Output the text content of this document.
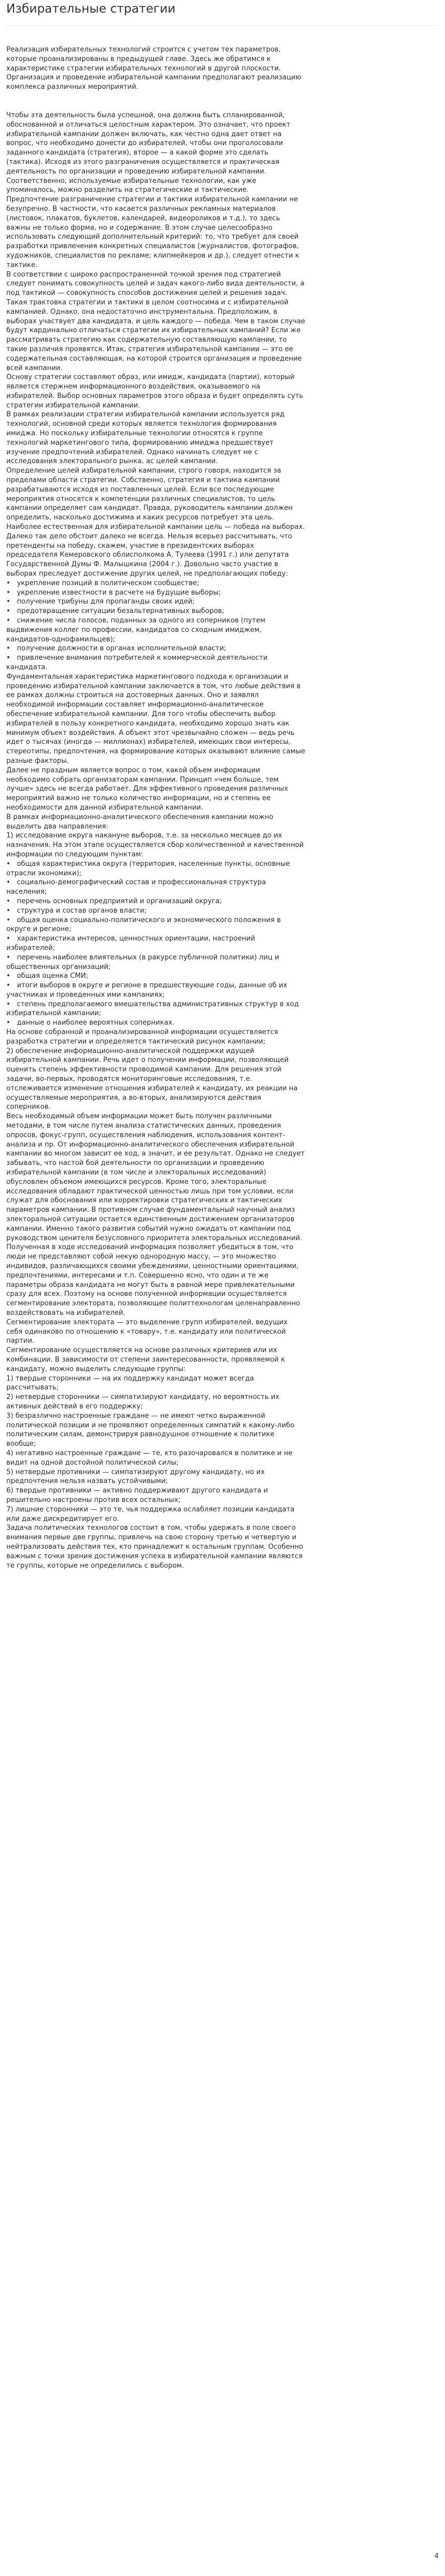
Избирательные стратегии

Реализация избирательных технологий строится с учетом тех параметров, которые проанализированы в предыдущей главе. Здесь же обратимся к характеристике стратегии избирательных технологий в другой плоскости. Организация и проведение избирательной кампании предполагают реализацию комплекса различных мероприятий.

Чтобы эта деятельность была успешной, она должна быть спланированной, обоснованной и отличаться целостным характером. Это означает, что проект избирательной кампании должен включать, как честно одна дает ответ на вопрос, что необходимо донести до избирателей, чтобы они проголосовали заданного кандидата (стратегия), второе — а какой форме это сделать (тактика). Исходя из этого разграничения осуществляется и практическая деятельность по организации и проведению избирательной кампании. Соответственно, используемые избирательные технологии, как уже упоминалось, можно разделить на стратегические и тактические.

Предпочтение разграничение стратегии и тактики избирательной кампании не безупречно. В частности, что касается различных рекламных материалов (листовок, плакатов, буклетов, календарей, видеороликов и т.д.), то здесь важны не только форма, но и содержание. В этом случае целесообразно использовать следующий дополнительный критерий: то, что требует для своей разработки привлечения конкретных специалистов (журналистов, фотографов, художников, специалистов по рекламе; клипмейкеров и др.), следует отнести к тактике.

В соответствии с широко распространенной точкой зрения под стратегией следует понимать совокупность целей и задач какого-либо вида деятельности, а под тактикой — совокупность способов достижения целей и решения задач. Такая трактовка стратегии и тактики в целом соотносима и с избирательной кампанией. Однако, она недостаточно инструментальна. Предположим, в выборах участвует два кандидата, и цель каждого — победа. Чем в таком случае будут кардинально отличаться стратегии их избирательных кампаний? Если же рассматривать стратегию как содержательную составляющую кампании, то такие различия проявятся. Итак, стратегия избирательной кампании — это ее содержательная составляющая, на которой строится организация и проведение всей кампании.

Основу стратегии составляют образ, или имидж, кандидата (партии), который является стержнем информационного воздействия, оказываемого на избирателей. Выбор основных параметров этого образа и будет определять суть стратегии избирательной кампании.

В рамках реализации стратегии избирательной кампании используется ряд технологий, основной среди которых является технология формирования имиджа. Но поскольку избирательные технологии относятся к группе технологий маркетингового типа, формированию имиджа предшествует изучение предпочтений избирателей. Однако начинать следует не с исследования электорального рынка, ас целей кампании.

Определение целей избирательной кампании, строго говоря, находится за пределами области стратегии. Собственно, стратегия и тактика кампании разрабатываются исходя из поставленных целей. Если все последующие мероприятия относятся к компетенции различных специалистов, то цель кампании определяет сам кандидат. Правда, руководитель кампании должен определить, насколько достижима и каких ресурсов потребует эта цель.

Наиболее естественная для избирательной кампании цель — победа на выборах. Далеко так дело обстоит далеко не всегда. Нельзя всерьез рассчитывать, что претенденты на победу, скажем, участие в президентских выборах председателя Кемеровского облисполкома А. Тулеева (1991 г.) или депутата Государственной Думы Ф. Малышкина (2004 г.). Довольно часто участие в выборах преследует достижение других целей, не предполагающих победу:

•   укрепление позиций в политическом сообществе;

•   укрепление известности в расчете на будущие выборы;

•   получение трибуны для пропаганды своих идей;

•   предотвращение ситуации безальтернативных выборов;

•   снижение числа голосов, поданных за одного из соперников (путем выдвижения коллег по профессии, кандидатов со сходным имиджем, кандидатов-однофамильцев);

•   получение должности в органах исполнительной власти;

•   привлечение внимания потребителей к коммерческой деятельности кандидата.

Фундаментальная характеристика маркетингового подхода к организации и проведению избирательной кампании заключается в том, что любые действия в ее рамках должны строиться на достоверных данных. Оно и заявлял необходимой информации составляет информационно-аналитическое обеспечение избирательной кампании. Для того чтобы обеспечить выбор избирателей в пользу конкретного кандидата, необходимо хорошо знать как минимум объект воздействия. А объект этот чрезвычайно сложен — ведь речь идет о тысячах (иногда — миллионах) избирателей, имеющих свои интересы, стереотипы, предпочтения, на формирование которых оказывают влияние самые разные факторы.

Далее не праздным является вопрос о том, какой объем информации необходимо собрать организаторам кампании. Принцип «чем больше, тем лучше» здесь не всегда работает. Для эффективного проведения различных мероприятий важно не только количество информации, но и степень ее необходимости для данной избирательной кампании.

В рамках информационно-аналитического обеспечения кампании можно выделить два направления:

1) исследование округа накануне выборов, т.е. за несколько месяцев до их назначения. На этом этапе осуществляется сбор количественной и качественной информации по следующим пунктам:

•   общая характеристика округа (территория, населенные пункты, основные отрасли экономики);

•   социально-демографический состав и профессиональная структура населения;

•   перечень основных предприятий и организаций округа;

•   структура и состав органов власти;

•   общая оценка социально-политического и экономического положения в округе и регионе;

•   характеристика интересов, ценностных ориентации, настроений избирателей;

•   перечень наиболее влиятельных (в ракурсе публичной политики) лиц и общественных организаций;

•   общая оценка СМИ;

•   итоги выборов в округе и регионе в предшествующие годы, данные об их участниках и проведенных ими кампаниях;

•   степень предполагаемого вмешательства административных структур в ход избирательной кампании;

•   данные о наиболее вероятных соперниках.

На основе собранной и проанализированной информации осуществляется разработка стратегии и определяется тактический рисунок кампании;

2) обеспечение информационно-аналитической поддержки идущей избирательной кампании. Речь идет о получении информации, позволяющей оценить степень эффективности проводимой кампании. Для решения этой задачи, во-первых, проводятся мониторинговые исследования, т.е. отслеживается изменение отношения избирателей к кандидату, их реакции на осуществляемые мероприятия, а во-вторых, анализируются действия соперников.

Весь необходимый объем информации может быть получен различными методами, в том числе путем анализа статистических данных, проведения опросов, фокус-групп, осуществления наблюдения, использования контент-анализа и пр. От информационно-аналитического обеспечения избирательной кампании во многом зависит ее ход, а значит, и ее результат. Однако не следует забывать, что настой бой деятельности по организации и проведению избирательной кампании (в том числе и электоральных исследований) обусловлен объемом имеющихся ресурсов. Кроме того, электоральные исследования обладают практической ценностью лишь при том условии, если служат для обоснования или корректировки стратегических и тактических параметров кампании. В противном случае фундаментальный научный анализ электоральной ситуации остается единственным достижением организаторов кампании. Именно такого развития событий нужно ожидать от кампании под руководством ценителя безусловного приоритета электоральных исследований.

Полученная в ходе исследований информация позволяет убедиться в том, что люди не представляют собой некую однородную массу, — это множество индивидов, различающихся своими убеждениями, ценностными ориентациями, предпочтениями, интересами и т.п. Совершенно ясно, что один и те же параметры образа кандидата не могут быть в равной мере привлекательными сразу для всех. Поэтому на основе полученной информации осуществляется сегментирование электората, позволяющее политтехнологам целенаправленно воздействовать на избирателей.

Сегментирование электората — это выделение групп избирателей, ведущих себя одинаково по отношению к «товару», т.е. кандидату или политической партии.

Сегментирование осуществляется на основе различных критериев или их комбинации. В зависимости от степени заинтересованности, проявляемой к кандидату, можно выделить следующие группы:

1) твердые сторонники — на их поддержку кандидат может всегда рассчитывать;

2) нетвердые сторонники — симпатизируют кандидату, но вероятность их активных действий в его поддержку;

3) безразлично настроенные граждане — не имеют четко выраженной политической позиции и не проявляют определенных симпатий к какому-либо политическим силам, демонстрируя равнодушное отношение к политике вообще;

4) негативно настроенные граждане — те, кто разочаровался в политике и не видит на одной достойной политической силы;

5) нетвердые противники — симпатизируют другому кандидату, но их предпочтения нельзя назвать устойчивыми;

6) твердые противники — активно поддерживают другого кандидата и решительно настроены против всех остальных;

7) лишние сторонники — это те, чья поддержка ослабляет позиции кандидата или даже дискредитирует его.

Задача политических технологов состоит в том, чтобы удержать в поле своего внимания первые две группы, привлечь на свою сторону третью и четвертую и нейтрализовать действия тех, кто принадлежит к остальным группам. Особенно важным с точки зрения достижения успеха в избирательной кампании являются те группы, которые не определились с выбором.

4
